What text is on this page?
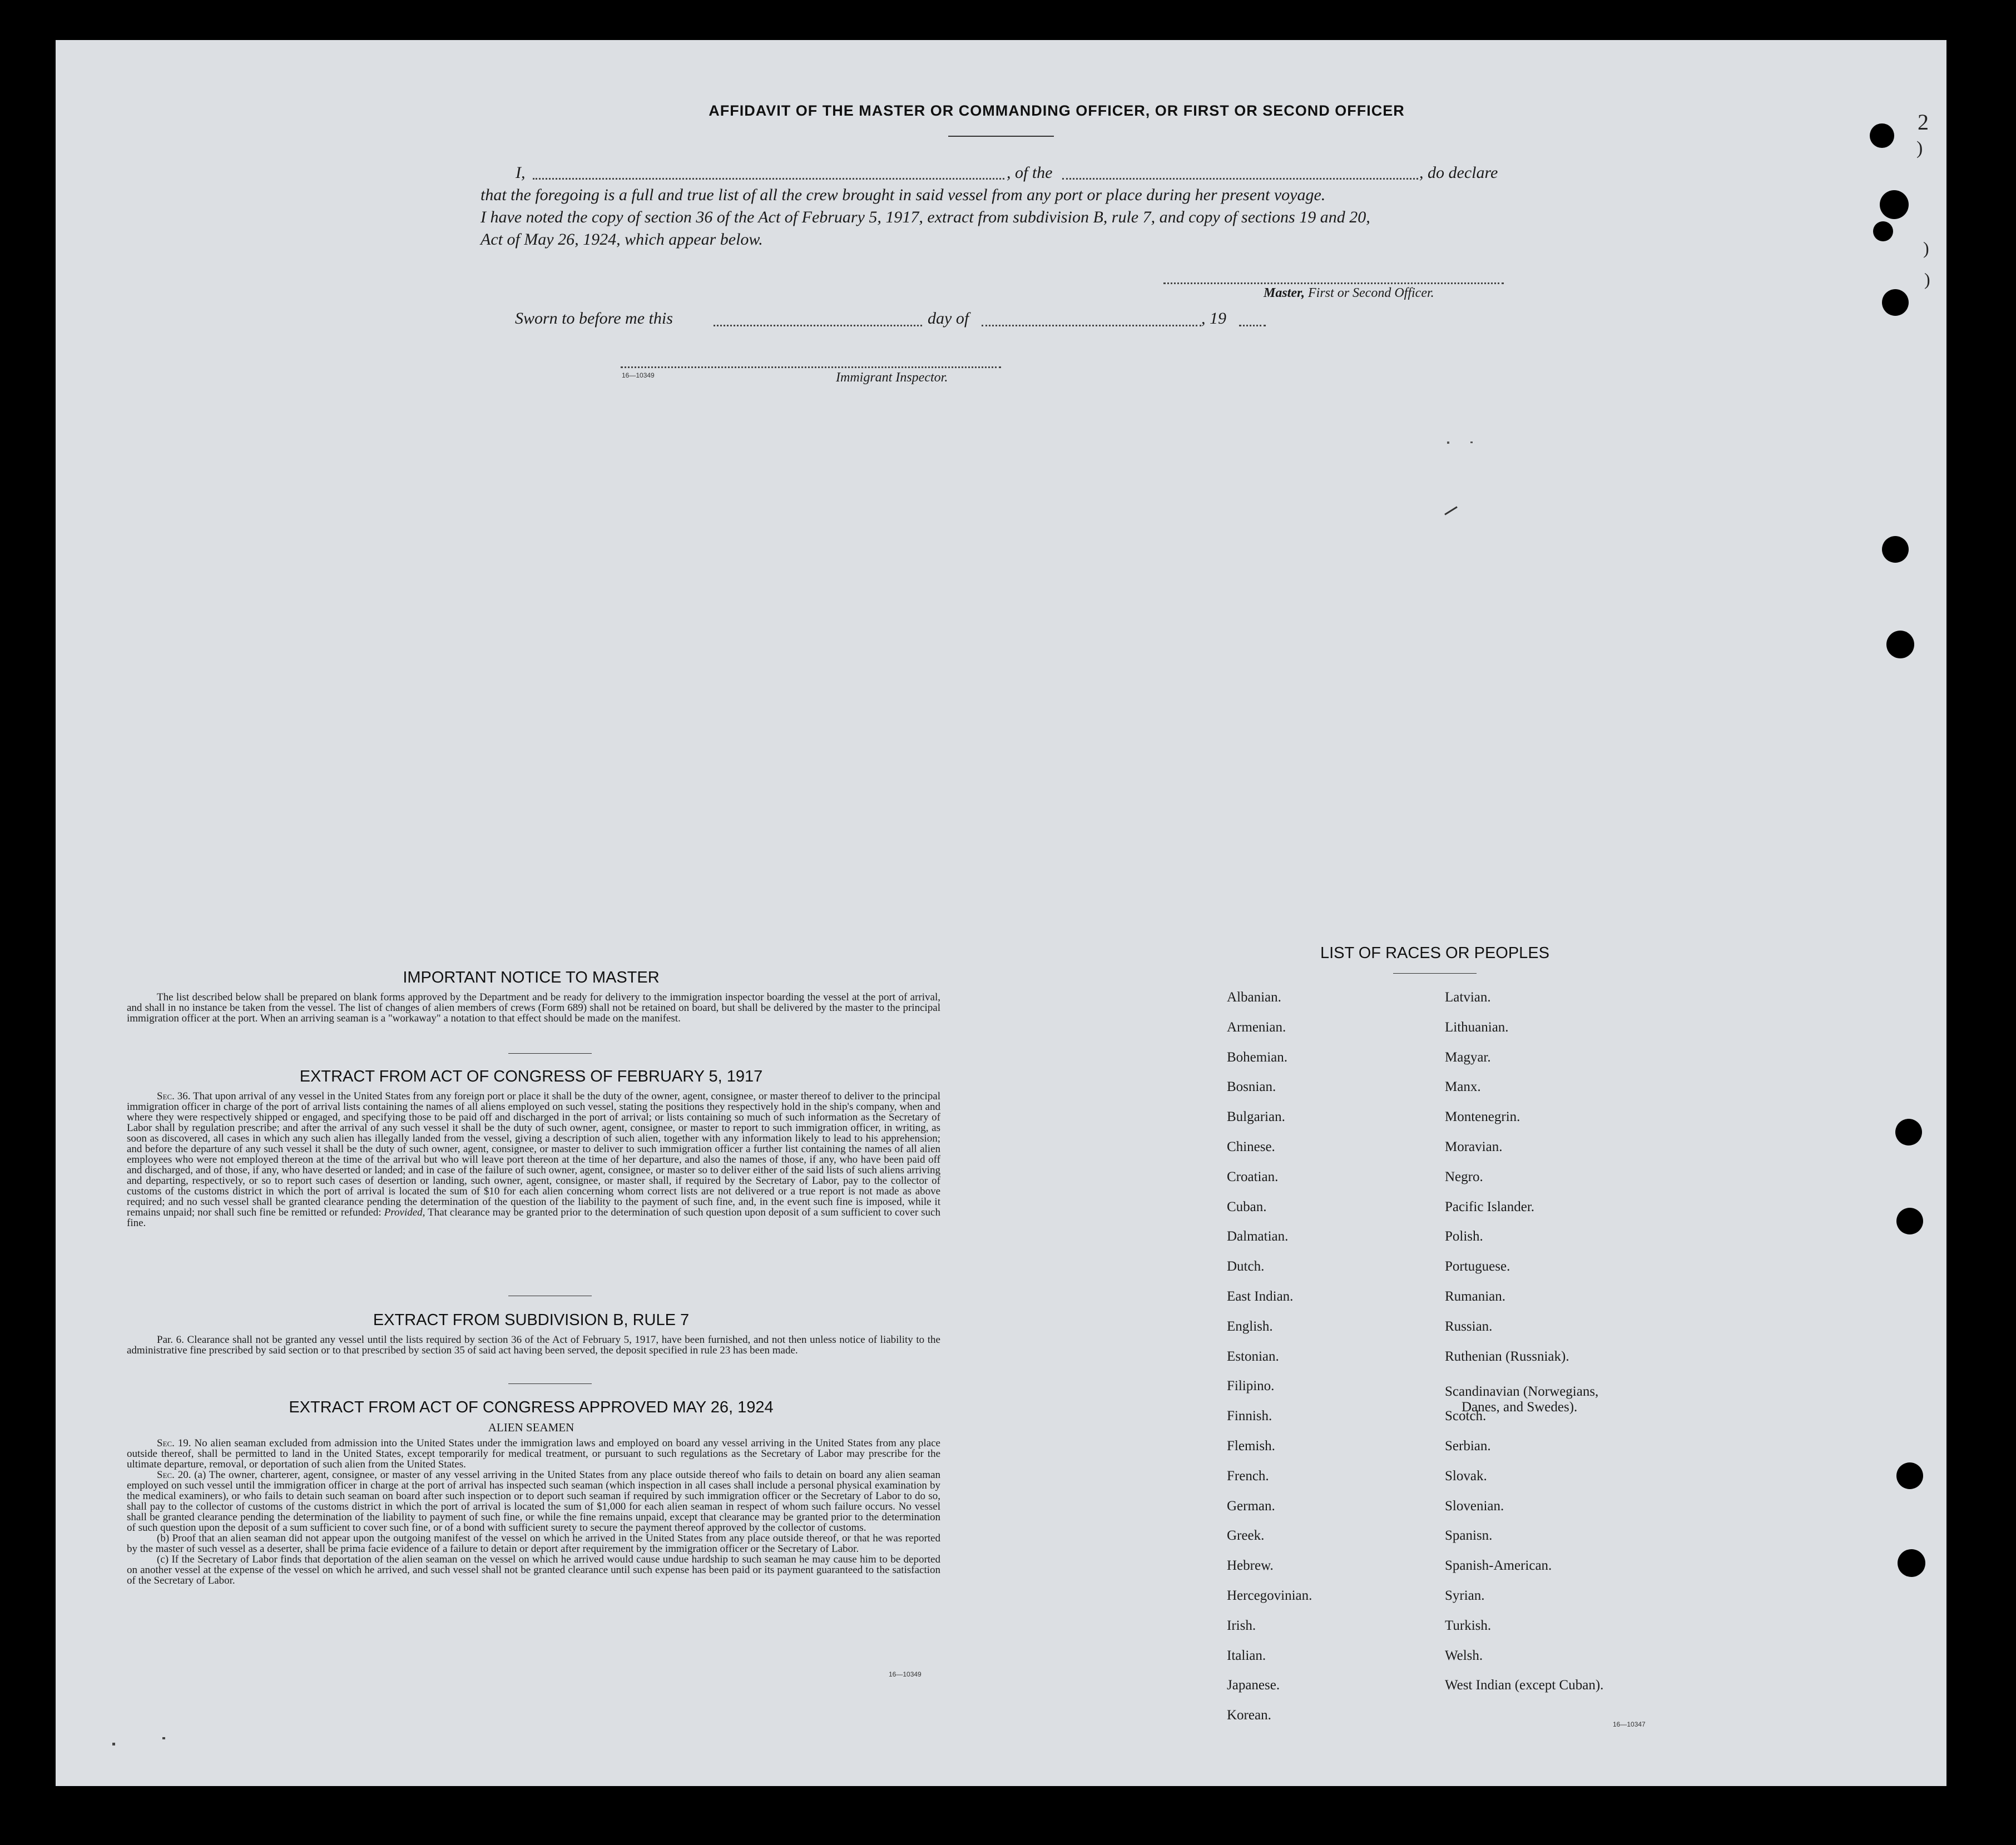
AFFIDAVIT OF THE MASTER OR COMMANDING OFFICER, OR FIRST OR SECOND OFFICER
I,	, of the	, do declare
that the foregoing is a full and true list of all the crew brought in said vessel from any port or place during her present voyage.
I have noted the copy of section 36 of the Act of February 5, 1917, extract from subdivision B, rule 7, and copy of sections 19 and 20,
Act of May 26, 1924, which appear below.
Master, First or Second Officer.
Sworn to before me this	day of	, 19
16—10349	Immigrant Inspector.
IMPORTANT NOTICE TO MASTER
The list described below shall be prepared on blank forms approved by the Department and be ready for delivery to the immigration inspector boarding the vessel at the port of arrival, and shall in no instance be taken from the vessel. The list of changes of alien members of crews (Form 689) shall not be retained on board, but shall be delivered by the master to the principal immigration officer at the port. When an arriving seaman is a "workaway" a notation to that effect should be made on the manifest.
EXTRACT FROM ACT OF CONGRESS OF FEBRUARY 5, 1917
Sec. 36. That upon arrival of any vessel in the United States from any foreign port or place it shall be the duty of the owner, agent, consignee, or master thereof to deliver to the principal immigration officer in charge of the port of arrival lists containing the names of all aliens employed on such vessel, stating the positions they respectively hold in the ship's company, when and where they were respectively shipped or engaged, and specifying those to be paid off and discharged in the port of arrival; or lists containing so much of such information as the Secretary of Labor shall by regulation prescribe; and after the arrival of any such vessel it shall be the duty of such owner, agent, consignee, or master to report to such immigration officer, in writing, as soon as discovered, all cases in which any such alien has illegally landed from the vessel, giving a description of such alien, together with any information likely to lead to his apprehension; and before the departure of any such vessel it shall be the duty of such owner, agent, consignee, or master to deliver to such immigration officer a further list containing the names of all alien employees who were not employed thereon at the time of the arrival but who will leave port thereon at the time of her departure, and also the names of those, if any, who have been paid off and discharged, and of those, if any, who have deserted or landed; and in case of the failure of such owner, agent, consignee, or master so to deliver either of the said lists of such aliens arriving and departing, respectively, or so to report such cases of desertion or landing, such owner, agent, consignee, or master shall, if required by the Secretary of Labor, pay to the collector of customs of the customs district in which the port of arrival is located the sum of $10 for each alien concerning whom correct lists are not delivered or a true report is not made as above required; and no such vessel shall be granted clearance pending the determination of the question of the liability to the payment of such fine, and, in the event such fine is imposed, while it remains unpaid; nor shall such fine be remitted or refunded: Provided, That clearance may be granted prior to the determination of such question upon deposit of a sum sufficient to cover such fine.
EXTRACT FROM SUBDIVISION B, RULE 7
Par. 6. Clearance shall not be granted any vessel until the lists required by section 36 of the Act of February 5, 1917, have been furnished, and not then unless notice of liability to the administrative fine prescribed by said section or to that prescribed by section 35 of said act having been served, the deposit specified in rule 23 has been made.
EXTRACT FROM ACT OF CONGRESS APPROVED MAY 26, 1924
ALIEN SEAMEN
Sec. 19. No alien seaman excluded from admission into the United States under the immigration laws and employed on board any vessel arriving in the United States from any place outside thereof, shall be permitted to land in the United States, except temporarily for medical treatment, or pursuant to such regulations as the Secretary of Labor may prescribe for the ultimate departure, removal, or deportation of such alien from the United States.
Sec. 20. (a) The owner, charterer, agent, consignee, or master of any vessel arriving in the United States from any place outside thereof who fails to detain on board any alien seaman employed on such vessel until the immigration officer in charge at the port of arrival has inspected such seaman (which inspection in all cases shall include a personal physical examination by the medical examiners), or who fails to detain such seaman on board after such inspection or to deport such seaman if required by such immigration officer or the Secretary of Labor to do so, shall pay to the collector of customs of the customs district in which the port of arrival is located the sum of $1,000 for each alien seaman in respect of whom such failure occurs. No vessel shall be granted clearance pending the determination of the liability to payment of such fine, or while the fine remains unpaid, except that clearance may be granted prior to the determination of such question upon the deposit of a sum sufficient to cover such fine, or of a bond with sufficient surety to secure the payment thereof approved by the collector of customs.
(b) Proof that an alien seaman did not appear upon the outgoing manifest of the vessel on which he arrived in the United States from any place outside thereof, or that he was reported by the master of such vessel as a deserter, shall be prima facie evidence of a failure to detain or deport after requirement by the immigration officer or the Secretary of Labor.
(c) If the Secretary of Labor finds that deportation of the alien seaman on the vessel on which he arrived would cause undue hardship to such seaman he may cause him to be deported on another vessel at the expense of the vessel on which he arrived, and such vessel shall not be granted clearance until such expense has been paid or its payment guaranteed to the satisfaction of the Secretary of Labor.
16—10349
LIST OF RACES OR PEOPLES
Albanian.
Armenian.
Bohemian.
Bosnian.
Bulgarian.
Chinese.
Croatian.
Cuban.
Dalmatian.
Dutch.
East Indian.
English.
Estonian.
Filipino.
Finnish.
Flemish.
French.
German.
Greek.
Hebrew.
Hercegovinian.
Irish.
Italian.
Japanese.
Korean.
Latvian.
Lithuanian.
Magyar.
Manx.
Montenegrin.
Moravian.
Negro.
Pacific Islander.
Polish.
Portuguese.
Rumanian.
Russian.
Ruthenian (Russniak).
Scandinavian (Norwegians,
Danes, and Swedes).
Scotch.
Serbian.
Slovak.
Slovenian.
Spanisn.
Spanish-American.
Syrian.
Turkish.
Welsh.
West Indian (except Cuban).
16—10347
2
)
)
)
